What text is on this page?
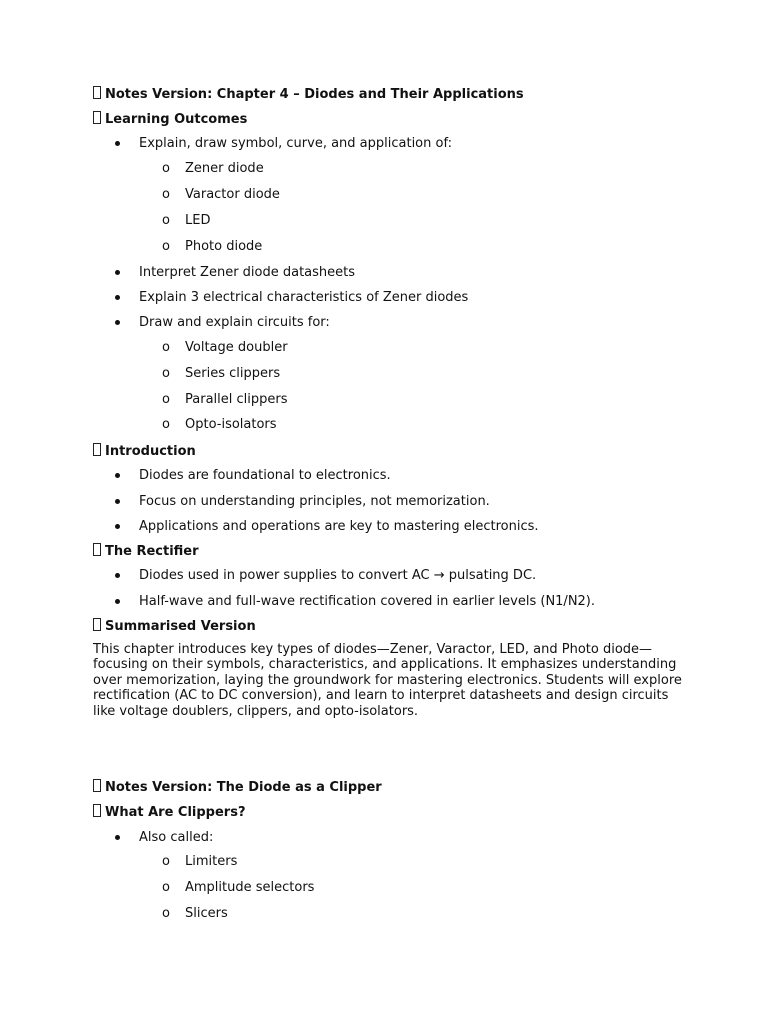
Notes Version: Chapter 4 – Diodes and Their Applications
Learning Outcomes
Explain, draw symbol, curve, and application of:
o Zener diode
o Varactor diode
o LED
o Photo diode
Interpret Zener diode datasheets
Explain 3 electrical characteristics of Zener diodes
Draw and explain circuits for:
o Voltage doubler
o Series clippers
o Parallel clippers
o Opto-isolators
Introduction
Diodes are foundational to electronics.
Focus on understanding principles, not memorization.
Applications and operations are key to mastering electronics.
The Rectifier
Diodes used in power supplies to convert AC → pulsating DC.
Half-wave and full-wave rectification covered in earlier levels (N1/N2).
Summarised Version
This chapter introduces key types of diodes—Zener, Varactor, LED, and Photo diode—focusing on their symbols, characteristics, and applications. It emphasizes understanding over memorization, laying the groundwork for mastering electronics. Students will explore rectification (AC to DC conversion), and learn to interpret datasheets and design circuits like voltage doublers, clippers, and opto-isolators.
Notes Version: The Diode as a Clipper
What Are Clippers?
Also called:
o Limiters
o Amplitude selectors
o Slicers
